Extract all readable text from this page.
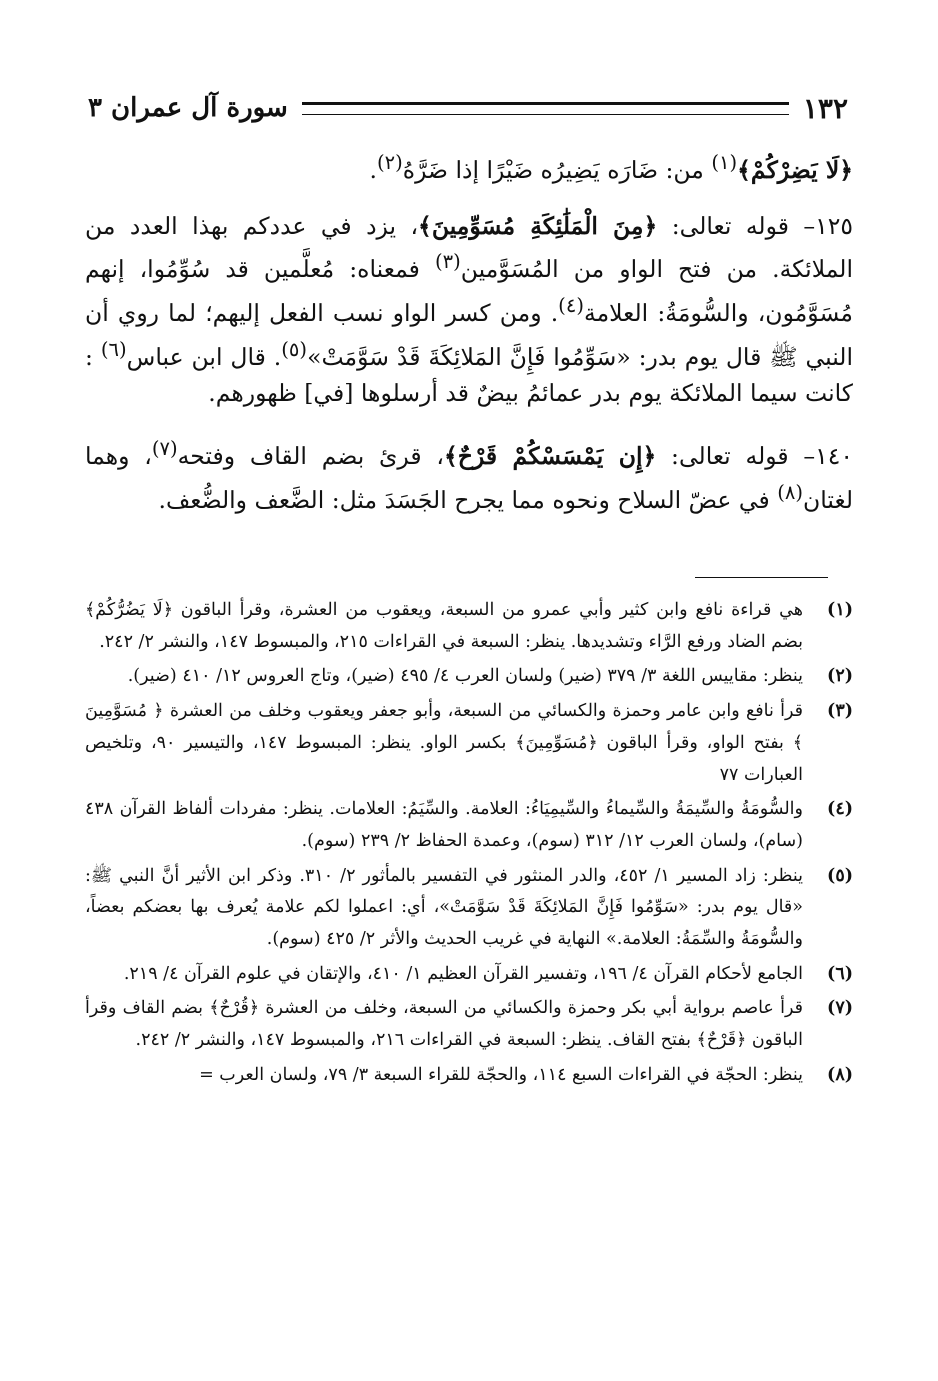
١٣٢
سورة آل عمران ٣

﴿لَا يَضِرْكُمْ﴾$^{(١)}$ من: ضَارَه يَضِيرُه ضَيْرًا إذا ضَرَّهُ$^{(٢)}$.

١٢٥– قوله تعالى: ﴿مِنَ الْمَلَٰئِكَةِ مُسَوِّمِينَ﴾، يزد في عددكم بهذا العدد من الملائكة. من فتح الواو من المُسَوَّمين$^{(٣)}$ فمعناه: مُعلَّمين قد سُوِّمُوا، إنهم مُسَوَّمُون، والسُّومَةُ: العلامة$^{(٤)}$. ومن كسر الواو نسب الفعل إليهم؛ لما روي أن النبي ﷺ قال يوم بدر: «سَوِّمُوا فَإِنَّ المَلائِكَةَ قَدْ سَوَّمَتْ»$^{(٥)}$. قال ابن عباس$^{(٦)}$ : كانت سيما الملائكة يوم بدر عمائمُ بيضٌ قد أرسلوها [في] ظهورهم.

١٤٠– قوله تعالى: ﴿إِن يَمْسَسْكُمْ قَرْحٌ﴾، قرئ بضم القاف وفتحه$^{(٧)}$، وهما لغتان$^{(٨)}$ في عضّ السلاح ونحوه مما يجرح الجَسَدَ مثل: الضَّعف والضُّعف.

(١)
هي قراءة نافع وابن كثير وأبي عمرو من السبعة، ويعقوب من العشرة، وقرأ الباقون ﴿لَا يَضُرُّكُمْ﴾ بضم الضاد ورفع الرَّاء وتشديدها. ينظر: السبعة في القراءات ٢١٥، والمبسوط ١٤٧، والنشر ٢/ ٢٤٢.
(٢)
ينظر: مقاييس اللغة ٣/ ٣٧٩ (ضير) ولسان العرب ٤/ ٤٩٥ (ضير)، وتاج العروس ١٢/ ٤١٠ (ضير).
(٣)
قرأ نافع وابن عامر وحمزة والكسائي من السبعة، وأبو جعفر ويعقوب وخلف من العشرة ﴿ مُسَوَّمِينَ ﴾ بفتح الواو، وقرأ الباقون ﴿مُسَوِّمِينَ﴾ بكسر الواو. ينظر: المبسوط ١٤٧، والتيسير ٩٠، وتلخيص العبارات ٧٧
(٤)
والسُّومَةُ والسِّيمَةُ والسِّيماءُ والسِّيمِيَاءُ: العلامة. والسِّيَمُ: العلامات. ينظر: مفردات ألفاظ القرآن ٤٣٨ (سام)، ولسان العرب ١٢/ ٣١٢ (سوم)، وعمدة الحفاظ ٢/ ٢٣٩ (سوم).
(٥)
ينظر: زاد المسير ١/ ٤٥٢، والدر المنثور في التفسير بالمأثور ٢/ ٣١٠. وذكر ابن الأثير أنَّ النبي ﷺ: «قال يوم بدر: «سَوِّمُوا فَإِنَّ المَلائِكَةَ قَدْ سَوَّمَتْ»، أي: اعملوا لكم علامة يُعرف بها بعضكم بعضاً، والسُّومَةُ والسِّمَةُ: العلامة.» النهاية في غريب الحديث والأثر ٢/ ٤٢٥ (سوم).
(٦)
الجامع لأحكام القرآن ٤/ ١٩٦، وتفسير القرآن العظيم ١/ ٤١٠، والإتقان في علوم القرآن ٤/ ٢١٩.
(٧)
قرأ عاصم برواية أبي بكر وحمزة والكسائي من السبعة، وخلف من العشرة ﴿قُرْحٌ﴾ بضم القاف وقرأ الباقون ﴿قَرْحٌ﴾ بفتح القاف. ينظر: السبعة في القراءات ٢١٦، والمبسوط ١٤٧، والنشر ٢/ ٢٤٢.
(٨)
ينظر: الحجّة في القراءات السبع ١١٤، والحجّة للقراء السبعة ٣/ ٧٩، ولسان العرب =
